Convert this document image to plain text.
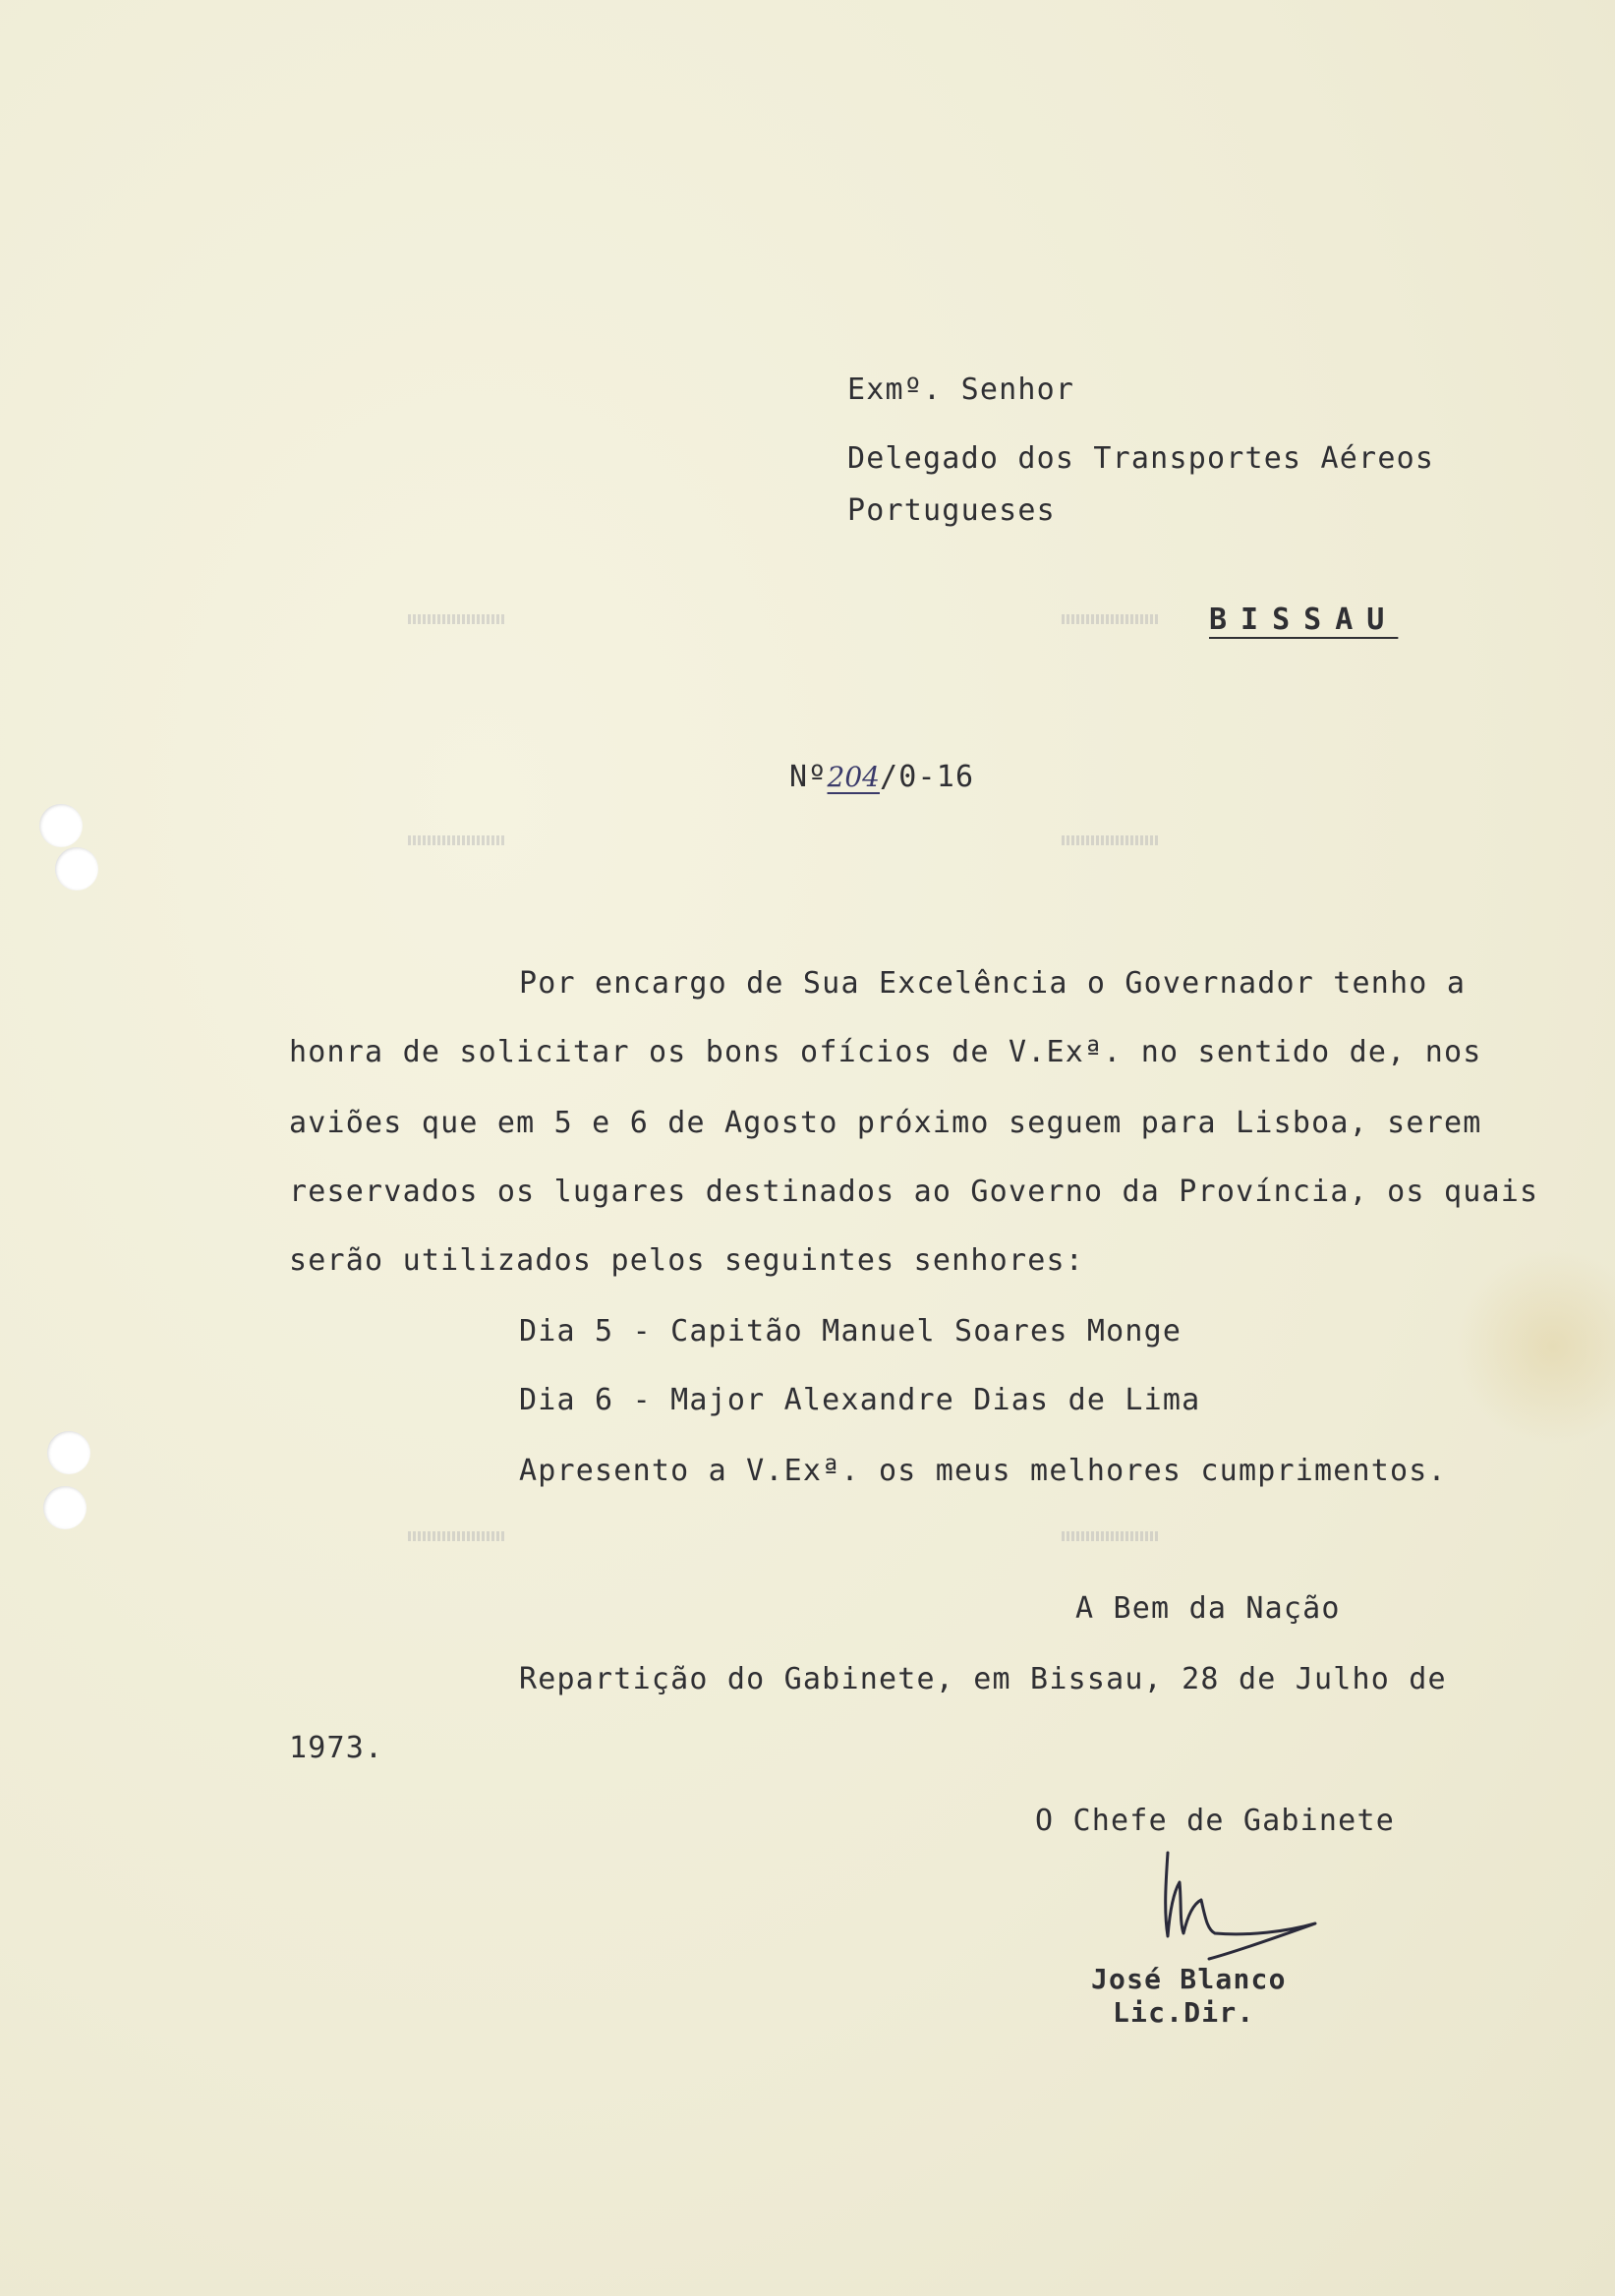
Exmº. Senhor
Delegado dos Transportes Aéreos
Portugueses
BISSAU
Nº204/0-16
Por encargo de Sua Excelência o Governador tenho a
honra de solicitar os bons ofícios de V.Exª. no sentido de, nos
aviões que em 5 e 6 de Agosto próximo seguem para Lisboa, serem
reservados os lugares destinados ao Governo da Província, os quais
serão utilizados pelos seguintes senhores:
Dia 5 - Capitão Manuel Soares Monge
Dia 6 - Major Alexandre Dias de Lima
Apresento a V.Exª. os meus melhores cumprimentos.
A Bem da Nação
Repartição do Gabinete, em Bissau, 28 de Julho de
1973.
O Chefe de Gabinete
José Blanco
Lic.Dir.
